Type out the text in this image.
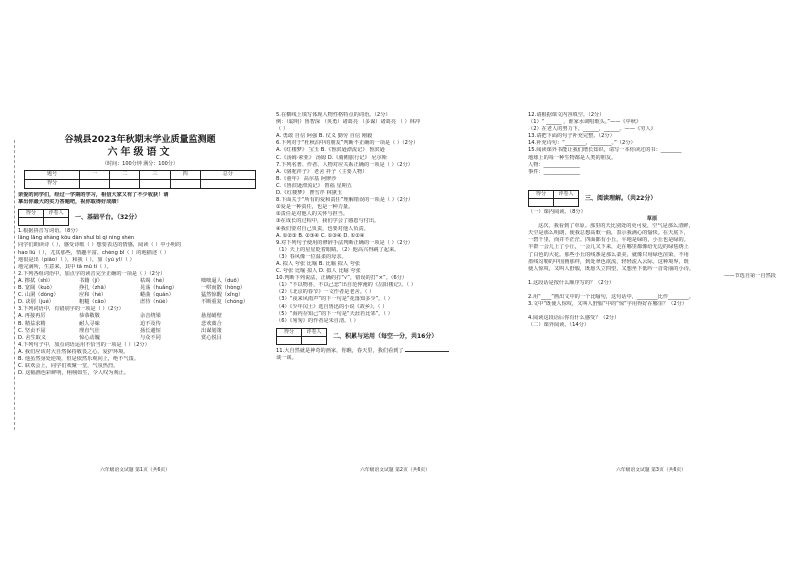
谷城县2023年秋期末学业质量监测题
六年级语文
（时间：100分钟 满分：100分）
题号	一	二	三	四	总分
得分					
亲爱的同学们，经过一学期的学习，相信大家又有了不少收获！请
拿出你最大的实力答题吧，祝你取得好成绩！
得分	评卷人

一、基础平台。（32分）
1.根据拼音写词语。（8分）
lǎng lǎng shàng kǒu dàn shuǐ bì qì níng shén
同学们朗读诗（ ），感受诗歌（ ）想要表达的情感，阅读（ ）中小明的
hao liú（ ），尤其那些，情趣丰富、chéng bǐ（ ）的地描述（ ）
地很是出（piāo）（ ），和我（ ），加（yú yǐ）（ ）
地完满所，生意来，其中 tā mǔ ti（ ）。
2.下列各组词语中，加点字的读音完全正确的一项是（ ）（2分）
A. 擦拭（shì）	书籍（jí）	枯竭（hé）	咄咄逼人（duō）
B. 宽阔（kuò）	挣扎（zhā）	晃荡（huǎng）	一哄而散（hòng）
C. 山洞（dòng）	应和（hè）	蜷曲（quán）	猛然惊醒（xǐng）
D. 诀别（jué）	粗糙（cāo）	虐待（nüè）	不断重复（chóng）
3.下列词语中，有错别字的一项是（ ）（2分）
A. 再接再厉	恭恭敬敬	余音绕梁	悬崖峭壁
B. 精益求精	耐人寻味	迫不及待	悲欢离合
C. 坚贞不屈	理直气壮	扬长避短	出谋划策
D. 舍生取义	惊心动魄	与众不同	赏心悦目
4.下列句子中，加点词语运用不恰当的一项是（ ）（2分）
A. 我们应该对大自然保持敬畏之心，爱护环境。
B. 他虽然身处逆境，但是依然乐观向上，绝不气馁。
C. 联欢会上，同学们欢聚一堂，气氛热烈。
D. 这幅画色彩鲜明，栩栩如生，令人叹为观止。
六年级语文试题 第1页（共6页）
5.在横线上填写体现人物性格特点的词语。（2分）
例：（聪明）鲁智深 （英勇）诸葛亮 （多谋）诸葛亮 （ ）林冲
（ ）
A. 勇敢 自信 阿强 B. 仗义 勤劳 自信 刚毅
6.下列对于“杜秋泊中的朋友”判断不正确的一项是（ ）（2分）
A.《红楼梦》 宝玉 B.《鲁滨逊漂流记》 鲁滨逊
C.《汤姆·索亚》 汤姆 D.《骑鹅旅行记》 尼尔斯
7.下列名著、作者、人物对应关系正确的一项是（ ）（2分）
A.《骆驼祥子》 老舍 祥子（主要人物）
B.《童年》 高尔基 阿廖沙
C.《鲁滨逊漂流记》 笛福 星期五
D.《红楼梦》 曹雪芹 林黛玉
8.下面关于“所有的爱和责任”理解错误的一项是（ ）（2分）
①爱是一种责任，也是一种力量。
②责任是对他人的关怀与担当。
③在成长的过程中，我们学会了感恩与付出。
④我们要对自己负责，也要对他人负责。
A. ①②③ B. ②③④ C. ①③④ D. ①②④
9.对下列句子使用的修辞手法判断正确的一项是（ ）（2分）
（1）天上的星星眨着眼睛。（2）他高兴得跳了起来。
（3）春风像一位温柔的母亲。
A. 拟人 夸张 比喻 B. 比喻 拟人 夸张
C. 夸张 比喻 拟人 D. 拟人 比喻 夸张
10.判断下列说法，正确的打“√”，错误的打“×”。（6分）
（1）“不以物喜，不以己悲”出自范仲淹的《岳阳楼记》。（ ）
（2）《北京的春节》一文作者是老舍。（ ）
（3）“夜来风雨声”的下一句是“花落知多少”。（ ）
（4）《少年闰土》选自鲁迅的小说《故乡》。（ ）
（5）“海内存知己”的下一句是“天涯若比邻”。（ ）
（6）《匆匆》的作者是朱自清。（ ）
得分	评卷人

二、积累与运用（每空一分，共16分）
11.大自然就是神奇的画家，你瞧，春天里，我们看到了
谈一谈。
六年级语文试题 第2页（共6页）
12.请根据课文内容填空。（2分）
（1）“ ______ ，谁家水调唱歌头。”——《中秋》
（2）在老人的努力下，______，______。——《穷人》
13.请把下面的句子补充完整。（2分）
14.补充诗句：“________，________。”（2分）
15.阅读课外书能让我们增长知识，请写一本你读过的书：________
地球上的每一种生物都是人类的朋友。
人物：______________
事件：______________
得分	评卷人

三、阅读理解。（共22分）
（一）课内阅读。（8分）
草原
这次，我看到了草原。那里的天比别处的更可爱，空气是那么清鲜，
天空是那么明朗，使我总想高歌一曲，表示我满心的愉快。在天底下，
一碧千里，而并不茫茫。四面都有小丘，平地是绿的，小丘也是绿的。
羊群一会儿上了小丘，一会儿又下来，走在哪里都像给无边的绿毯绣上
了白色的大花。那些小丘的线条是那么柔美，就像只用绿色渲染，不用
墨线勾勒的中国画那样，到处翠色欲流，轻轻流入云际。这种境界，既
使人惊叹，又叫人舒服，既愿久立四望，又想坐下低吟一首奇丽的小诗。
——节选自第一自然段
1.这段话是按什么顺序写的？（2分）

2.用“____”画出文中的一个比喻句，这句话中，________比作________。
3.文中“既使人惊叹，又叫人舒服”中的“惊”字用得好在哪里？（2分）

4.阅读这段话后你有什么感受？（2分）
（二）课外阅读。（14分）
六年级语文试题 第3页（共6页）
